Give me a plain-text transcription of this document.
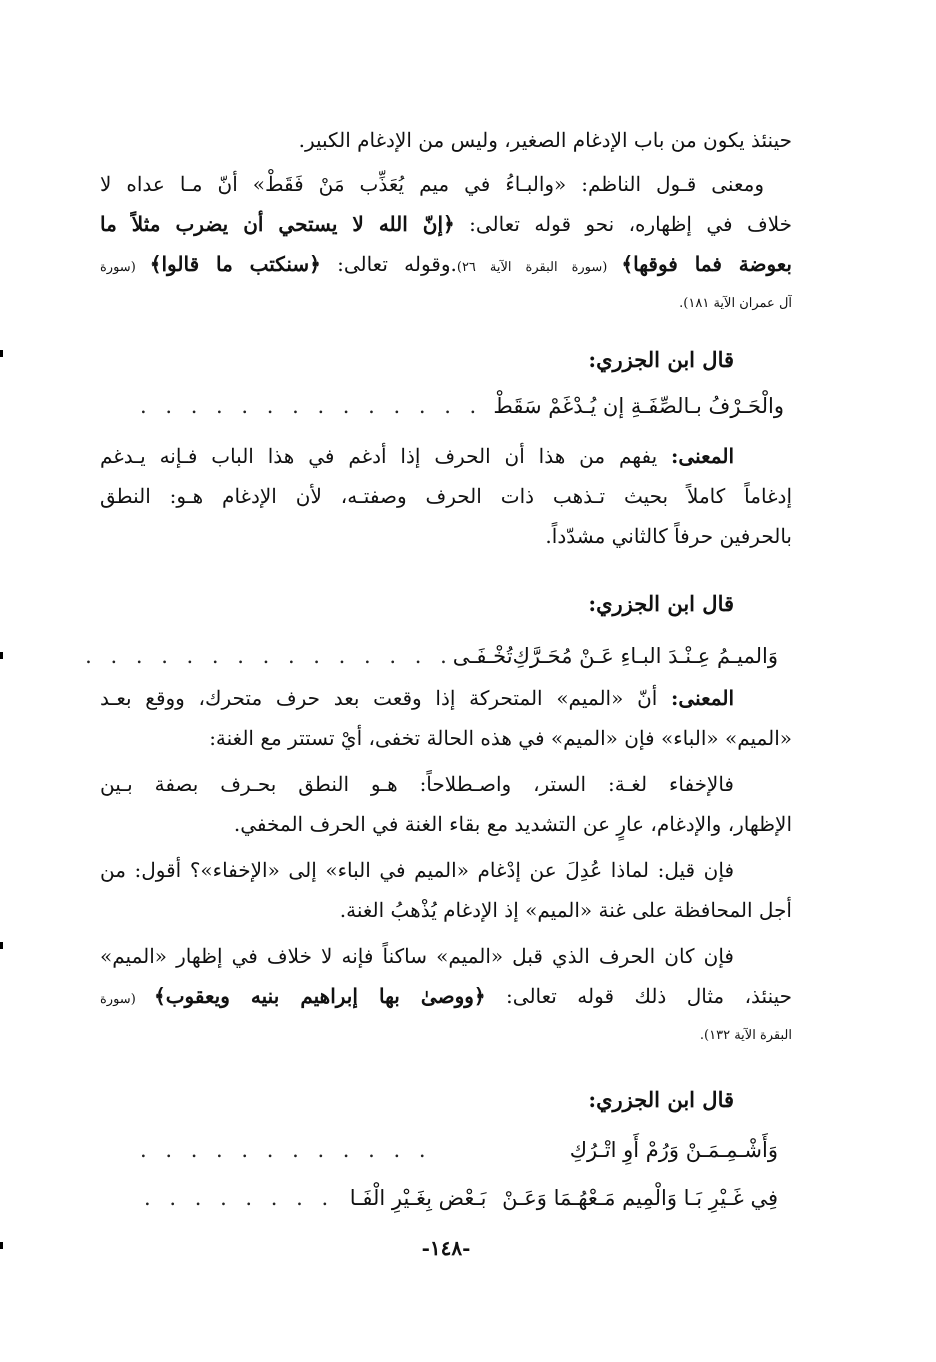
حينئذ يكون من باب الإدغام الصغير، وليس من الإدغام الكبير.
ومعنى قـول الناظم: «والبـاءُ في ميم يُعَذِّب مَنْ فَقَطْ» أنّ مـا عداه لا
خلاف في إظهاره، نحو قوله تعالى: ﴿إنّ الله لا يستحي أن يضرب مثلاً ما
بعوضة فما فوقها﴾ (سورة البقرة الآية ٢٦).وقوله تعالى: ﴿سنكتب ما قالوا﴾ (سورة
آل عمران الآية ١٨١).
قال ابن الجزري:
والْحَـرْفُ بـالصِّفَـةِ إن يُـدْغَمْ سَقَطْ
. . . . . . . . . . . . . .
المعنى: يفهم من هذا أن الحرف إذا أدغم في هذا الباب فـإنه يـدغم
إدغاماً كاملاً بحيث تـذهب ذات الحرف وصفتـه، لأن الإدغام هـو: النطق
بالحرفين حرفاً كالثاني مشدّداً.
قال ابن الجزري:
وَالميـمُ عِـنْـدَ البـاءِ عَـنْ مُحَـرَّكِ
تُخْـفَـى
. . . . . . . . . . . . . . .
المعنى: أنّ «الميم» المتحركة إذا وقعت بعد حرف متحرك، ووقع بعـد
«الميم» «الباء» فإن «الميم» في هذه الحالة تخفى، أيْ تستتر مع الغنة:
فالإخفاء لغـة: الستر، واصـطلاحاً: هـو النطق بحـرف بصفة بـين
الإظهار، والإدغام، عارٍ عن التشديد مع بقاء الغنة في الحرف المخفي.
فإن قيل: لماذا عُدِلَ عن إدْغام «الميم في الباء» إلى «الإخفاء»؟ أقول: من
أجل المحافظة على غنة «الميم» إذ الإدغام يُذْهبُ الغنة.
فإن كان الحرف الذي قبل «الميم» ساكناً فإنه لا خلاف في إظهار «الميم»
حينئذ، مثال ذلك قوله تعالى: ﴿ووصىٰ بها إبراهيم بنيه ويعقوب﴾ (سورة
البقرة الآية ١٣٢).
قال ابن الجزري:
وَأَشْـمِـمَـنْ وَرُمْ أَوِ اتْـرُكِ
. . . . . . . . . . . .
فِي غَـيْرِ بَـا وَالْمِيم مَـعْهُـمَا وَعَـنْ
بَـعْض بِغَـيْرِ الْفَـا
. . . . . . . .
-١٤٨-
